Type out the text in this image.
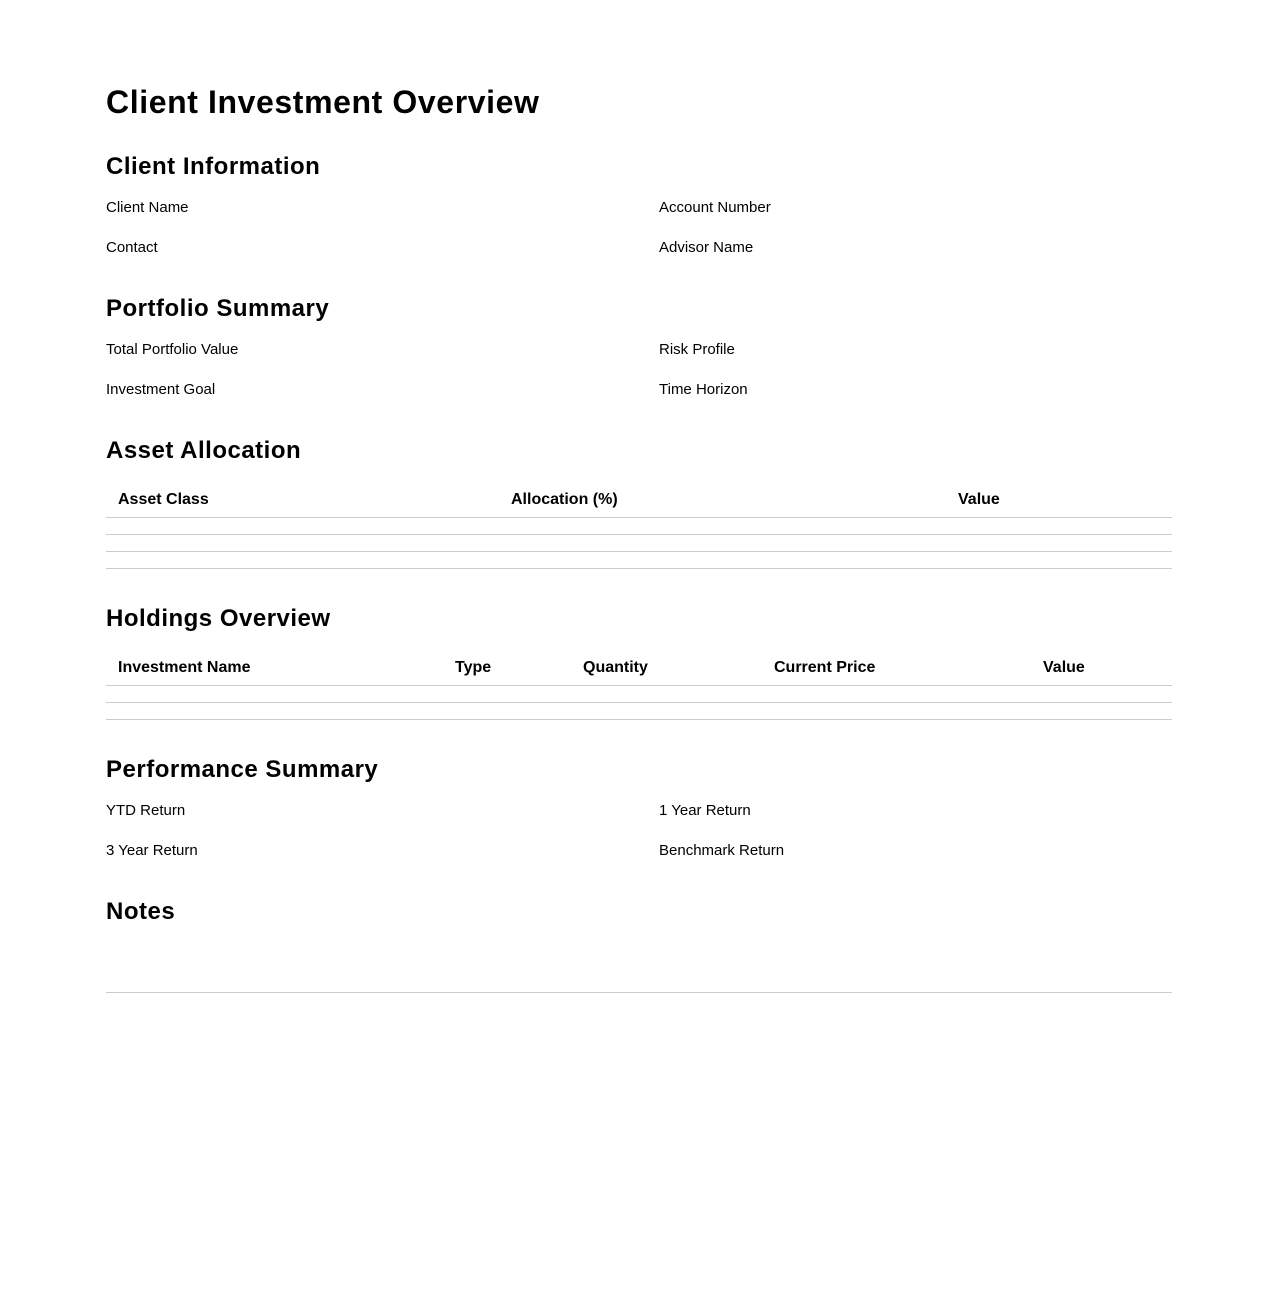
Client Investment Overview
Client Information
Client Name	Account Number
Contact	Advisor Name
Portfolio Summary
Total Portfolio Value	Risk Profile
Investment Goal	Time Horizon
Asset Allocation
Asset Class	Allocation (%)	Value

Holdings Overview
Investment Name	Type	Quantity	Current Price	Value

Performance Summary
YTD Return	1 Year Return
3 Year Return	Benchmark Return
Notes
